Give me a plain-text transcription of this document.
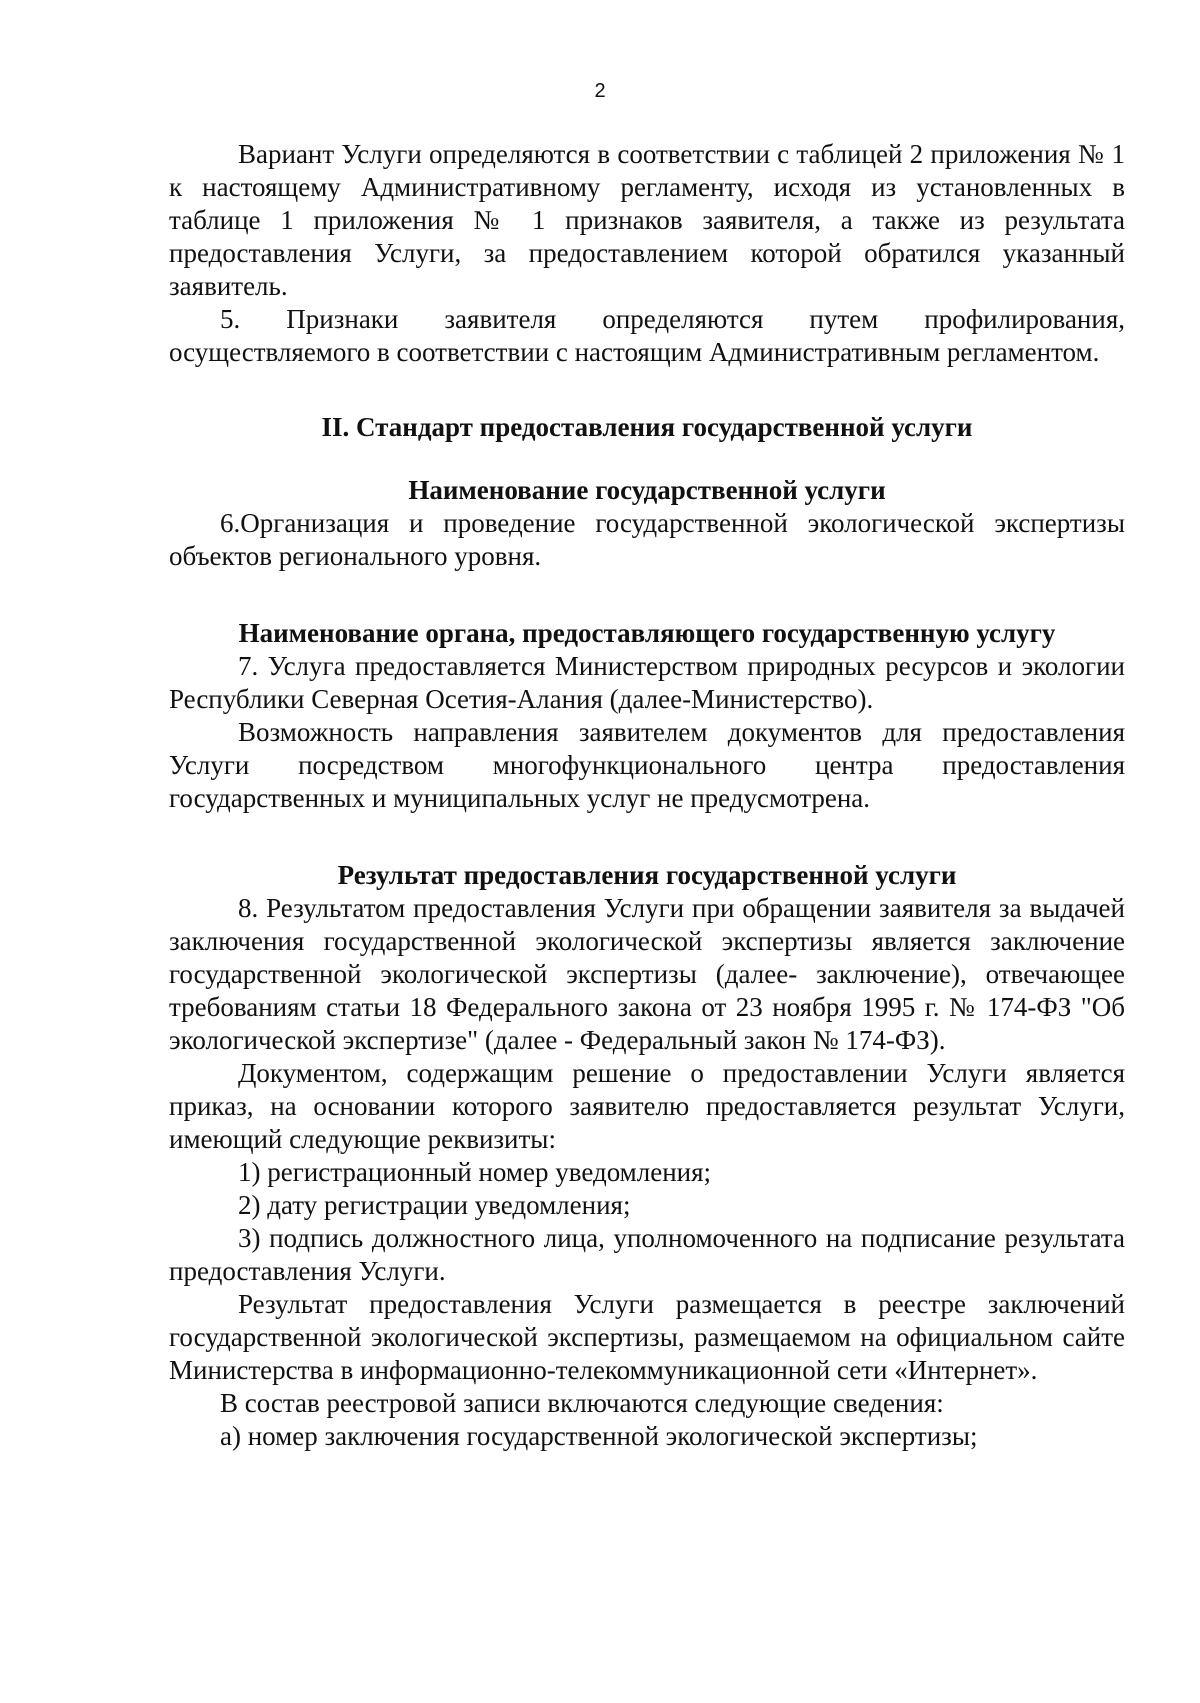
2

Вариант Услуги определяются в соответствии с таблицей 2 приложения № 1 к настоящему Административному регламенту, исходя из установленных в таблице 1 приложения № 1 признаков заявителя, а также из результата предоставления Услуги, за предоставлением которой обратился указанный заявитель.

5. Признаки заявителя определяются путем профилирования, осуществляемого в соответствии с настоящим Административным регламентом.

II. Стандарт предоставления государственной услуги

Наименование государственной услуги

6.Организация и проведение государственной экологической экспертизы объектов регионального уровня.

Наименование органа, предоставляющего государственную услугу

7. Услуга предоставляется Министерством природных ресурсов и экологии Республики Северная Осетия-Алания (далее-Министерство).

Возможность направления заявителем документов для предоставления Услуги посредством многофункционального центра предоставления государственных и муниципальных услуг не предусмотрена.

Результат предоставления государственной услуги

8. Результатом предоставления Услуги при обращении заявителя за выдачей заключения государственной экологической экспертизы является заключение государственной экологической экспертизы (далее- заключение), отвечающее требованиям статьи 18 Федерального закона от 23 ноября 1995 г. № 174-ФЗ "Об экологической экспертизе" (далее - Федеральный закон № 174-ФЗ).

Документом, содержащим решение о предоставлении Услуги является приказ, на основании которого заявителю предоставляется результат Услуги, имеющий следующие реквизиты:

1) регистрационный номер уведомления;

2) дату регистрации уведомления;

3) подпись должностного лица, уполномоченного на подписание результата предоставления Услуги.

Результат предоставления Услуги размещается в реестре заключений государственной экологической экспертизы, размещаемом на официальном сайте Министерства в информационно-телекоммуникационной сети «Интернет».

В состав реестровой записи включаются следующие сведения:

а) номер заключения государственной экологической экспертизы;
